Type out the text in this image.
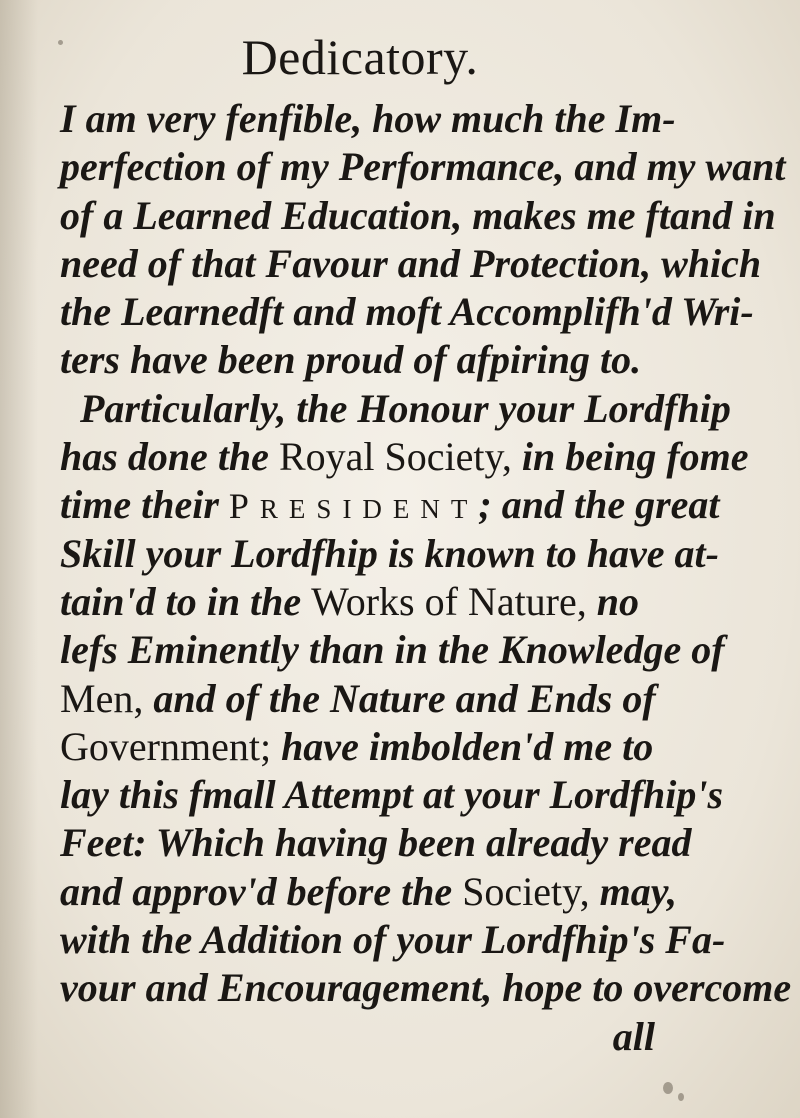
Dedicatory.
I am very fenfible, how much the Im-
perfection of my Performance, and my want
of a Learned Education, makes me ftand in
need of that Favour and Protection, which
the Learnedft and moft Accomplifh'd Wri-
ters have been proud of afpiring to.
Particularly, the Honour your Lordfhip
has done the Royal Society, in being fome
time their PRESIDENT; and the great
Skill your Lordfhip is known to have at-
tain'd to in the Works of Nature, no
lefs Eminently than in the Knowledge of
Men, and of the Nature and Ends of
Government; have imbolden'd me to
lay this fmall Attempt at your Lordfhip's
Feet: Which having been already read
and approv'd before the Society, may,
with the Addition of your Lordfhip's Fa-
vour and Encouragement, hope to overcome
all
